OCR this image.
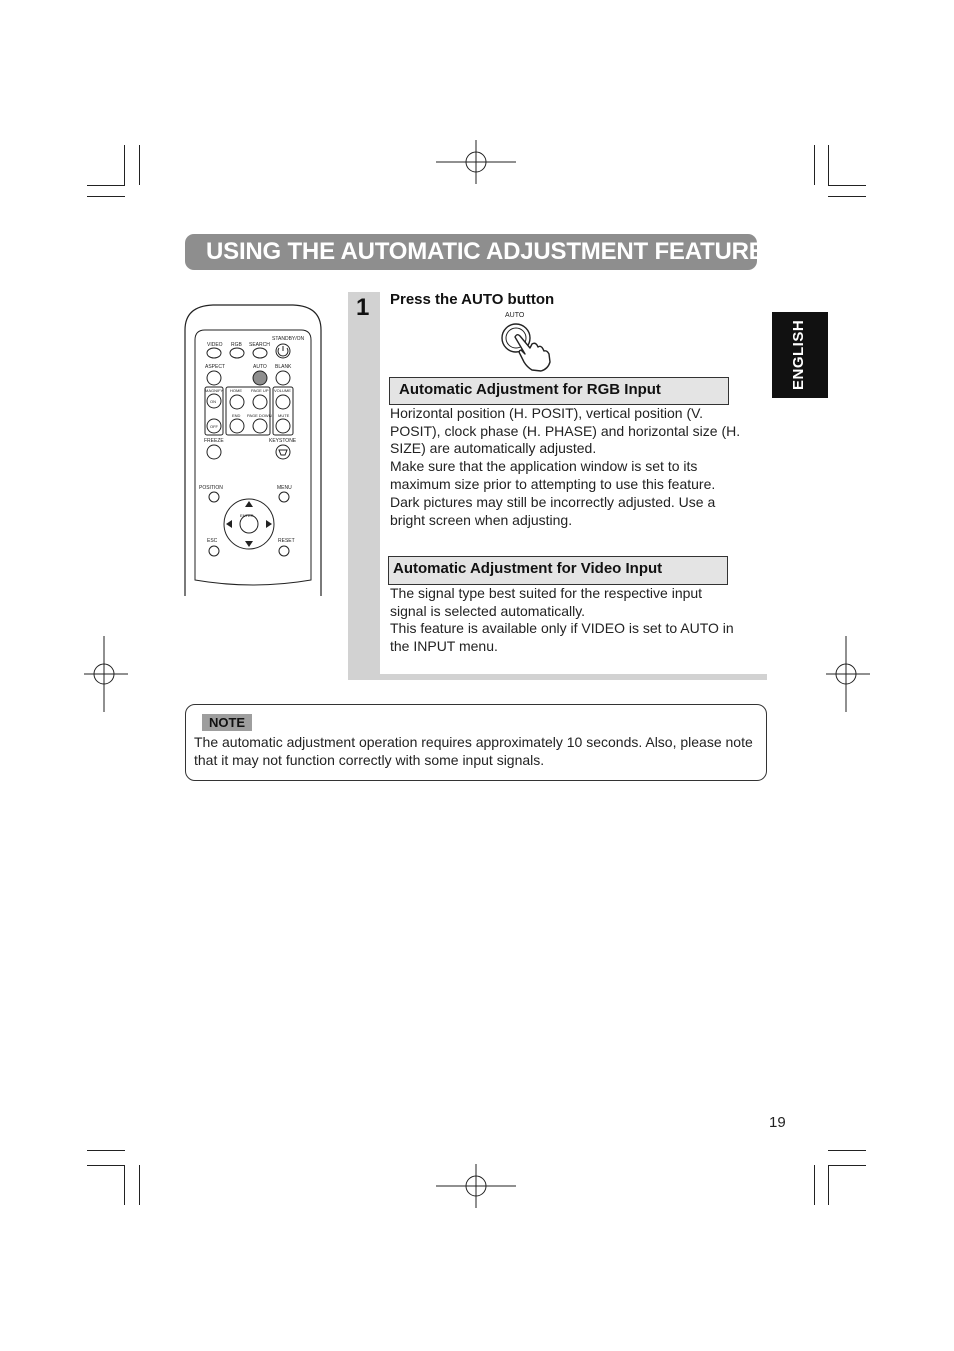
USING THE AUTOMATIC ADJUSTMENT FEATURE
ENGLISH
STANDBY/ON
VIDEO RGB SEARCH
ASPECT	AUTO BLANK
MAGNIFY HOME PAGE UP VOLUME
ON
END PAGE DOWN MUTE
OFF
FREEZE	KEYSTONE
POSITION	MENU
ENTER
ESC	RESET
1 Press the AUTO button
AUTO
Automatic Adjustment for RGB Input
Horizontal position (H. POSIT), vertical position (V. POSIT), clock phase (H. PHASE) and horizontal size (H. SIZE) are automatically adjusted.
Make sure that the application window is set to its maximum size prior to attempting to use this feature.
Dark pictures may still be incorrectly adjusted. Use a bright screen when adjusting.
Automatic Adjustment for Video Input
The signal type best suited for the respective input signal is selected automatically.
This feature is available only if VIDEO is set to AUTO in the INPUT menu.
NOTE
The automatic adjustment operation requires approximately 10 seconds. Also, please note that it may not function correctly with some input signals.
19
